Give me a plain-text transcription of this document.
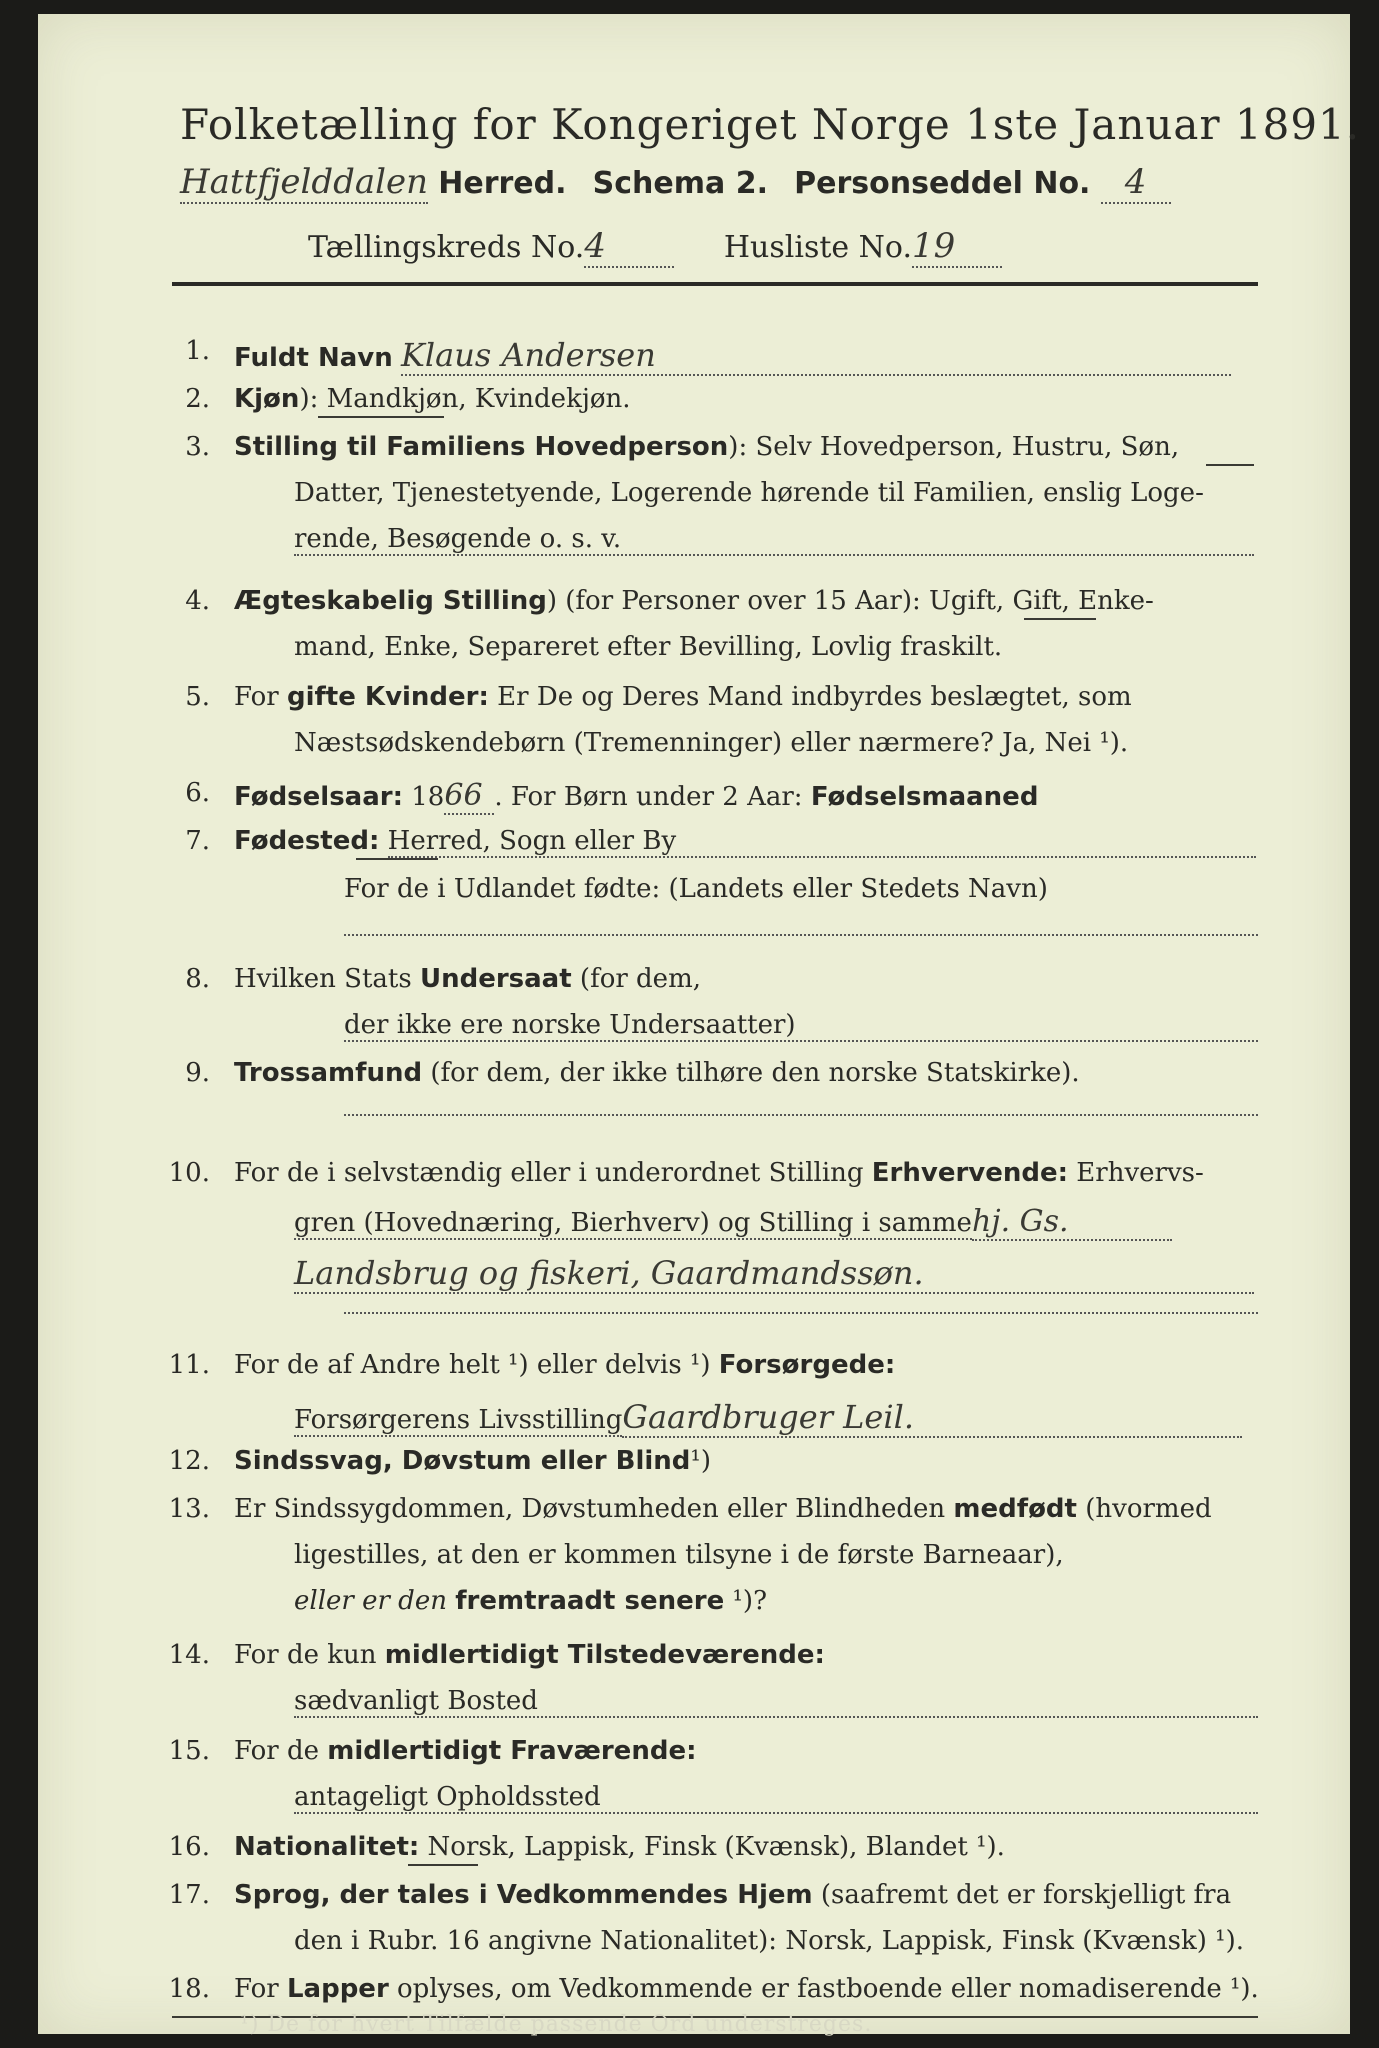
Folketælling for Kongeriget Norge 1ste Januar 1891.
Hattfjelddalen Herred. Schema 2. Personseddel No. 4
Tællingskreds No.4	Husliste No.19
1. Fuldt Navn Klaus Andersen
2. Kjøn): Mandkjøn, Kvindekjøn.
3. Stilling til Familiens Hovedperson): Selv Hovedperson, Hustru, Søn,
Datter, Tjenestetyende, Logerende hørende til Familien, enslig Loge-
rende, Besøgende o. s. v.
4. Ægteskabelig Stilling) (for Personer over 15 Aar): Ugift, Gift, Enke-
mand, Enke, Separeret efter Bevilling, Lovlig fraskilt.
5. For gifte Kvinder: Er De og Deres Mand indbyrdes beslægtet, som
Næstsødskendebørn (Tremenninger) eller nærmere? Ja, Nei ¹).
6. Fødselsaar: 1866 . For Børn under 2 Aar: Fødselsmaaned
7. Fødested: Herred, Sogn eller By
For de i Udlandet fødte: (Landets eller Stedets Navn)
8. Hvilken Stats Undersaat (for dem,
der ikke ere norske Undersaatter)
9. Trossamfund (for dem, der ikke tilhøre den norske Statskirke).
10. For de i selvstændig eller i underordnet Stilling Erhvervende: Erhvervs-
gren (Hovednæring, Bierhverv) og Stilling i sammehj. Gs.
Landsbrug og fiskeri, Gaardmandssøn.
11. For de af Andre helt ¹) eller delvis ¹) Forsørgede:
Forsørgerens LivsstillingGaardbruger Leil.
12. Sindssvag, Døvstum eller Blind¹)
13. Er Sindssygdommen, Døvstumheden eller Blindheden medfødt (hvormed
ligestilles, at den er kommen tilsyne i de første Barneaar),
eller er den fremtraadt senere ¹)?
14. For de kun midlertidigt Tilstedeværende:
sædvanligt Bosted
15. For de midlertidigt Fraværende:
antageligt Opholdssted
16. Nationalitet: Norsk, Lappisk, Finsk (Kvænsk), Blandet ¹).
17. Sprog, der tales i Vedkommendes Hjem (saafremt det er forskjelligt fra
den i Rubr. 16 angivne Nationalitet): Norsk, Lappisk, Finsk (Kvænsk) ¹).
18. For Lapper oplyses, om Vedkommende er fastboende eller nomadiserende ¹).
¹) De for hvert Tilfælde passende Ord understreges.
